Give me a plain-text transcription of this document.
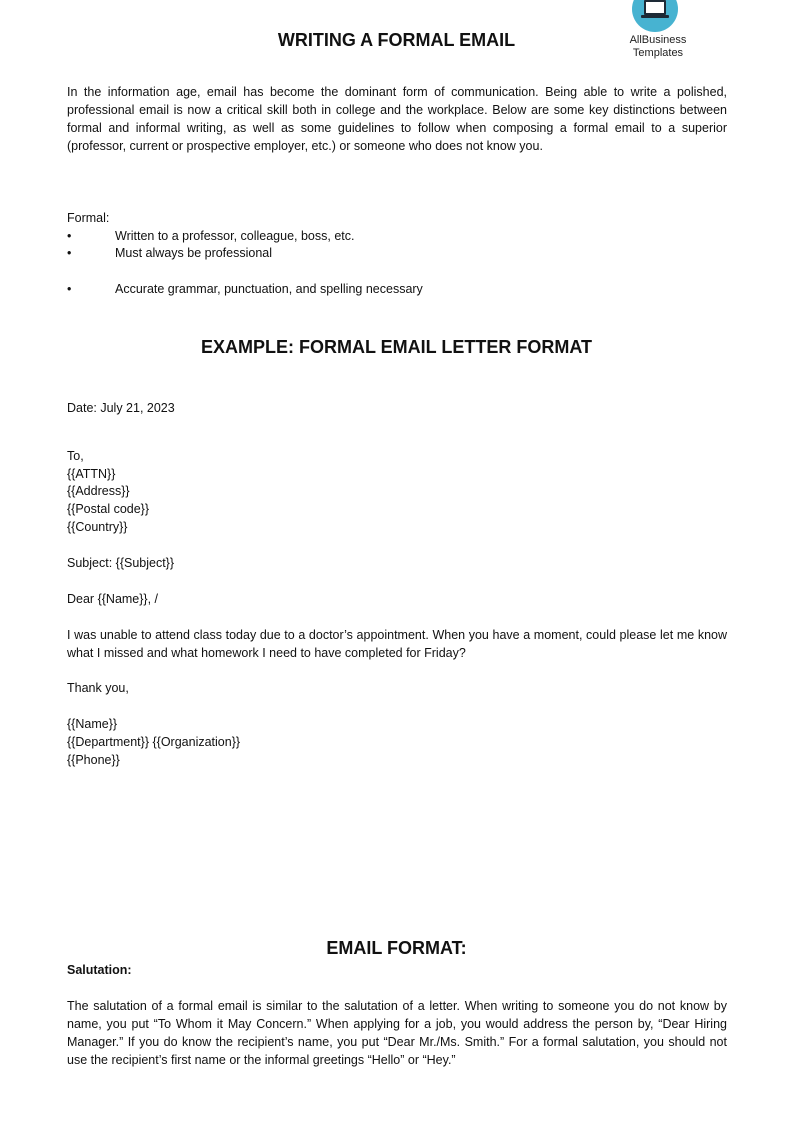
AllBusiness
Templates
WRITING A FORMAL EMAIL
In the information age, email has become the dominant form of communication. Being able to write a polished, professional email is now a critical skill both in college and the workplace. Below are some key distinctions between formal and informal writing, as well as some guidelines to follow when composing a formal email to a superior (professor, current or prospective employer, etc.) or someone who does not know you.
Formal:
•	Written to a professor, colleague, boss, etc.
•	Must always be professional
•	Accurate grammar, punctuation, and spelling necessary
EXAMPLE: FORMAL EMAIL LETTER FORMAT
Date: July 21, 2023
To,
{{ATTN}}
{{Address}}
{{Postal code}}
{{Country}}
Subject: {{Subject}}
Dear {{Name}}, /
I was unable to attend class today due to a doctor’s appointment. When you have a moment, could please let me know what I missed and what homework I need to have completed for Friday?
Thank you,
{{Name}}
{{Department}} {{Organization}}
{{Phone}}
EMAIL FORMAT:
Salutation:
The salutation of a formal email is similar to the salutation of a letter. When writing to someone you do not know by name, you put “To Whom it May Concern.” When applying for a job, you would address the person by, “Dear Hiring Manager.” If you do know the recipient’s name, you put “Dear Mr./Ms. Smith.” For a formal salutation, you should not use the recipient’s first name or the informal greetings “Hello” or “Hey.”
